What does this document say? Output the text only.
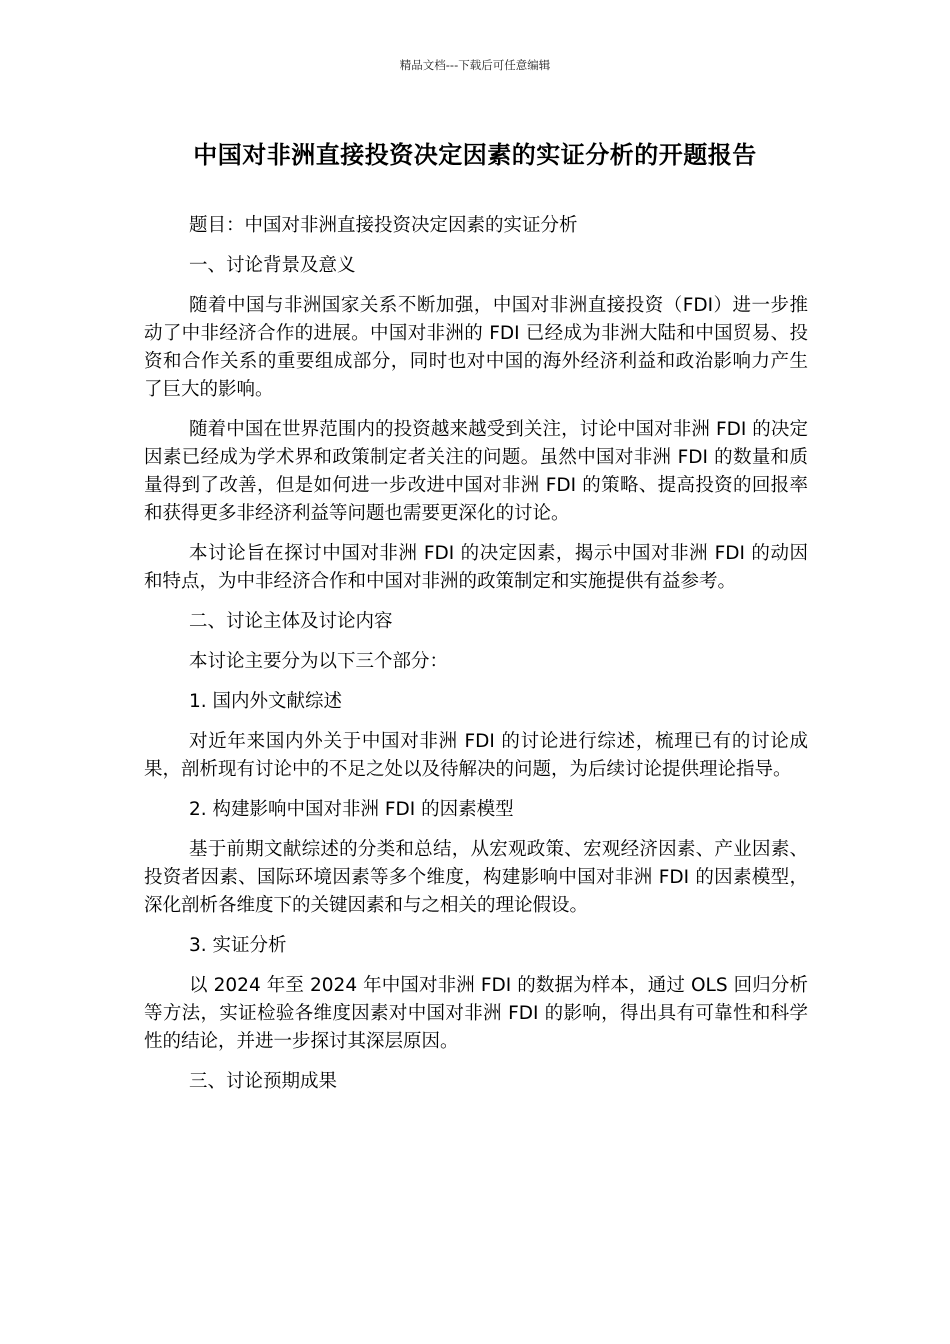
精品文档---下载后可任意编辑
中国对非洲直接投资决定因素的实证分析的开题报告

题目：中国对非洲直接投资决定因素的实证分析

一、讨论背景及意义

随着中国与非洲国家关系不断加强，中国对非洲直接投资（FDI）进一步推动了中非经济合作的进展。中国对非洲的 FDI 已经成为非洲大陆和中国贸易、投资和合作关系的重要组成部分，同时也对中国的海外经济利益和政治影响力产生了巨大的影响。

随着中国在世界范围内的投资越来越受到关注，讨论中国对非洲 FDI 的决定因素已经成为学术界和政策制定者关注的问题。虽然中国对非洲 FDI 的数量和质量得到了改善，但是如何进一步改进中国对非洲 FDI 的策略、提高投资的回报率和获得更多非经济利益等问题也需要更深化的讨论。

本讨论旨在探讨中国对非洲 FDI 的决定因素，揭示中国对非洲 FDI 的动因和特点，为中非经济合作和中国对非洲的政策制定和实施提供有益参考。

二、讨论主体及讨论内容

本讨论主要分为以下三个部分：

1. 国内外文献综述

对近年来国内外关于中国对非洲 FDI 的讨论进行综述，梳理已有的讨论成果，剖析现有讨论中的不足之处以及待解决的问题，为后续讨论提供理论指导。

2. 构建影响中国对非洲 FDI 的因素模型

基于前期文献综述的分类和总结，从宏观政策、宏观经济因素、产业因素、投资者因素、国际环境因素等多个维度，构建影响中国对非洲 FDI 的因素模型，深化剖析各维度下的关键因素和与之相关的理论假设。

3. 实证分析

以 2024 年至 2024 年中国对非洲 FDI 的数据为样本，通过 OLS 回归分析等方法，实证检验各维度因素对中国对非洲 FDI 的影响，得出具有可靠性和科学性的结论，并进一步探讨其深层原因。

三、讨论预期成果
